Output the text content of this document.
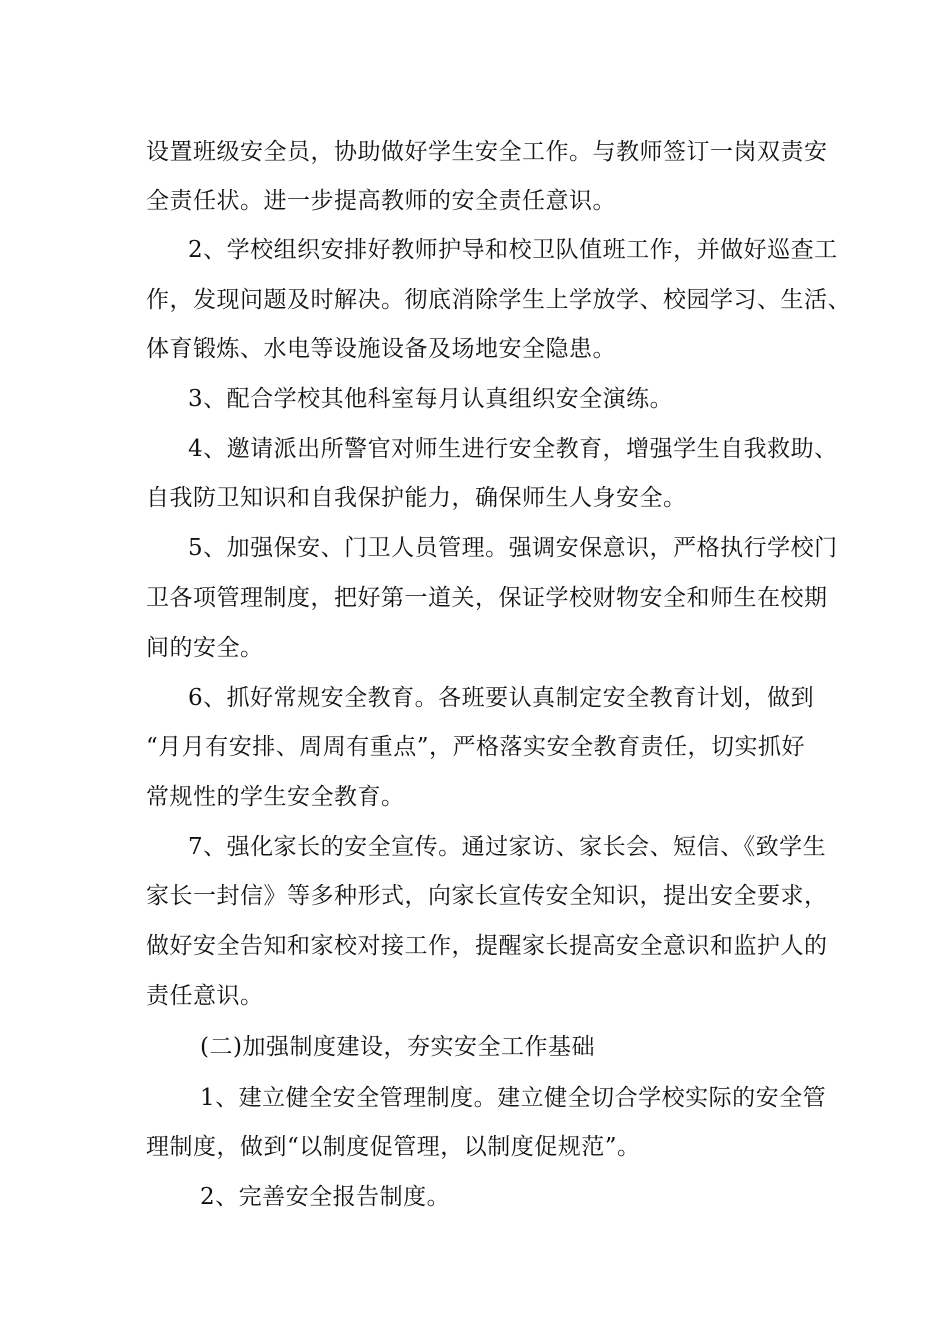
设置班级安全员，协助做好学生安全工作。与教师签订一岗双责安
全责任状。进一步提高教师的安全责任意识。
2、学校组织安排好教师护导和校卫队值班工作，并做好巡查工
作，发现问题及时解决。彻底消除学生上学放学、校园学习、生活、
体育锻炼、水电等设施设备及场地安全隐患。
3、配合学校其他科室每月认真组织安全演练。
4、邀请派出所警官对师生进行安全教育，增强学生自我救助、
自我防卫知识和自我保护能力，确保师生人身安全。
5、加强保安、门卫人员管理。强调安保意识，严格执行学校门
卫各项管理制度，把好第一道关，保证学校财物安全和师生在校期
间的安全。
6、抓好常规安全教育。各班要认真制定安全教育计划，做到
“月月有安排、周周有重点”，严格落实安全教育责任，切实抓好
常规性的学生安全教育。
7、强化家长的安全宣传。通过家访、家长会、短信、《致学生
家长一封信》等多种形式，向家长宣传安全知识，提出安全要求，
做好安全告知和家校对接工作，提醒家长提高安全意识和监护人的
责任意识。
(二)加强制度建设，夯实安全工作基础
1、建立健全安全管理制度。建立健全切合学校实际的安全管
理制度，做到“以制度促管理，以制度促规范”。
2、完善安全报告制度。
